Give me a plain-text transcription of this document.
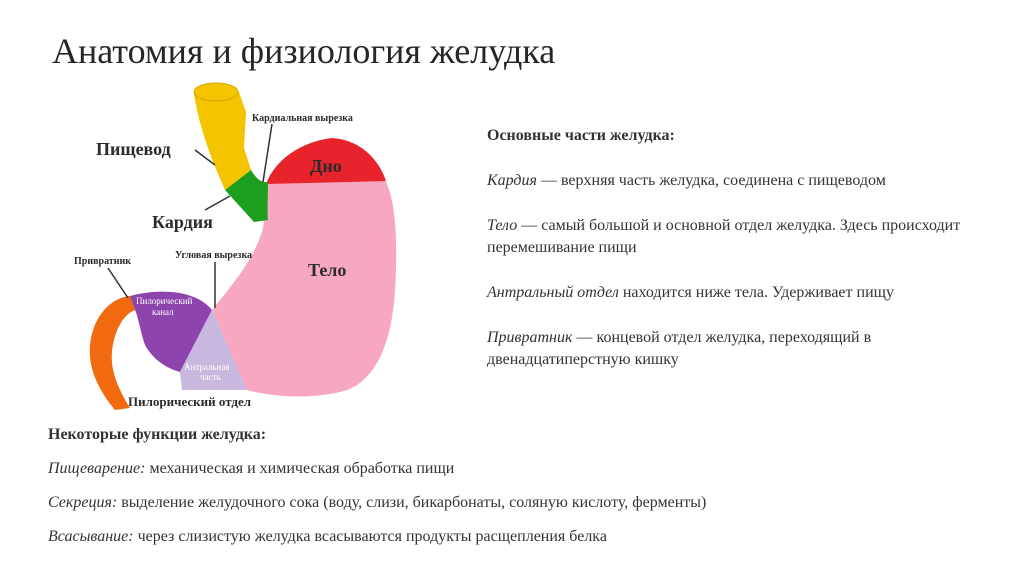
Анатомия и физиология желудка
Пищевод
Кардиальная вырезка
Дно
Кардия
Привратник
Угловая вырезка
Тело
Пилорический
канал
Антральная
часть
Пилорический отдел
Основные части желудка:

Кардия — верхняя часть желудка, соединена с пищеводом

Тело — самый большой и основной отдел желудка. Здесь происходит перемешивание пищи

Антральный отдел находится ниже тела. Удерживает пищу

Привратник — концевой отдел желудка, переходящий в двенадцатиперстную кишку

Некоторые функции желудка:

Пищеварение: механическая и химическая обработка пищи

Секреция: выделение желудочного сока (воду, слизи, бикарбонаты, соляную кислоту, ферменты)

Всасывание: через слизистую желудка всасываются продукты расщепления белка
